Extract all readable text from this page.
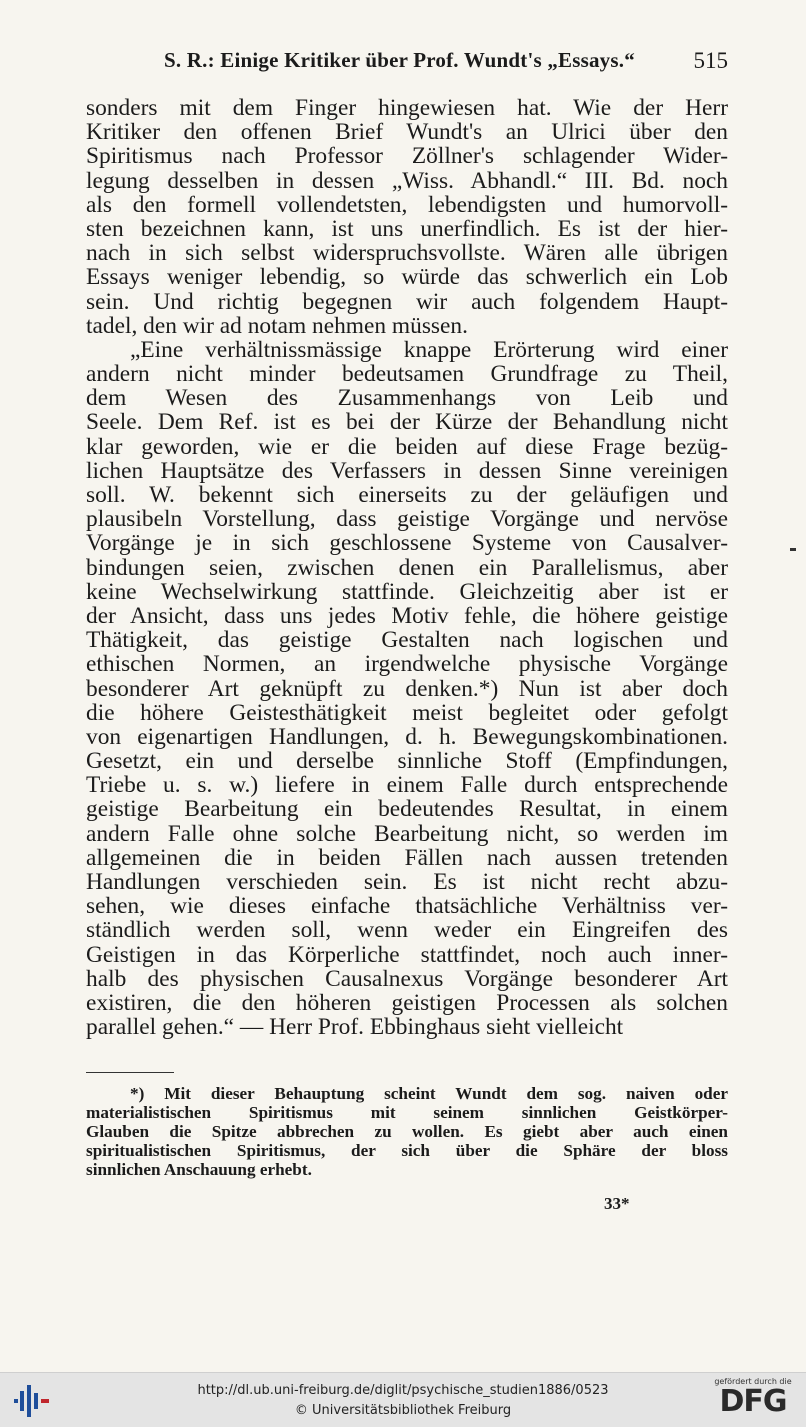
S. R.: Einige Kritiker über Prof. Wundt's „Essays.“	515
sonders mit dem Finger hingewiesen hat. Wie der Herr
Kritiker den offenen Brief Wundt's an Ulrici über den
Spiritismus nach Professor Zöllner's schlagender Wider-
legung desselben in dessen „Wiss. Abhandl.“ III. Bd. noch
als den formell vollendetsten, lebendigsten und humorvoll-
sten bezeichnen kann, ist uns unerfindlich. Es ist der hier-
nach in sich selbst widerspruchsvollste. Wären alle übrigen
Essays weniger lebendig, so würde das schwerlich ein Lob
sein. Und richtig begegnen wir auch folgendem Haupt-
tadel, den wir ad notam nehmen müssen.
„Eine verhältnissmässige knappe Erörterung wird einer
andern nicht minder bedeutsamen Grundfrage zu Theil,
dem Wesen des Zusammenhangs von Leib und
Seele. Dem Ref. ist es bei der Kürze der Behandlung nicht
klar geworden, wie er die beiden auf diese Frage bezüg-
lichen Hauptsätze des Verfassers in dessen Sinne vereinigen
soll. W. bekennt sich einerseits zu der geläufigen und
plausibeln Vorstellung, dass geistige Vorgänge und nervöse
Vorgänge je in sich geschlossene Systeme von Causalver-
bindungen seien, zwischen denen ein Parallelismus, aber
keine Wechselwirkung stattfinde. Gleichzeitig aber ist er
der Ansicht, dass uns jedes Motiv fehle, die höhere geistige
Thätigkeit, das geistige Gestalten nach logischen und
ethischen Normen, an irgendwelche physische Vorgänge
besonderer Art geknüpft zu denken.*) Nun ist aber doch
die höhere Geistesthätigkeit meist begleitet oder gefolgt
von eigenartigen Handlungen, d. h. Bewegungskombinationen.
Gesetzt, ein und derselbe sinnliche Stoff (Empfindungen,
Triebe u. s. w.) liefere in einem Falle durch entsprechende
geistige Bearbeitung ein bedeutendes Resultat, in einem
andern Falle ohne solche Bearbeitung nicht, so werden im
allgemeinen die in beiden Fällen nach aussen tretenden
Handlungen verschieden sein. Es ist nicht recht abzu-
sehen, wie dieses einfache thatsächliche Verhältniss ver-
ständlich werden soll, wenn weder ein Eingreifen des
Geistigen in das Körperliche stattfindet, noch auch inner-
halb des physischen Causalnexus Vorgänge besonderer Art
existiren, die den höheren geistigen Processen als solchen
parallel gehen.“ — Herr Prof. Ebbinghaus sieht vielleicht
*) Mit dieser Behauptung scheint Wundt dem sog. naiven oder
materialistischen Spiritismus mit seinem sinnlichen Geistkörper-
Glauben die Spitze abbrechen zu wollen. Es giebt aber auch einen
spiritualistischen Spiritismus, der sich über die Sphäre der bloss
sinnlichen Anschauung erhebt.
33*
http://dl.ub.uni-freiburg.de/diglit/psychische_studien1886/0523
© Universitätsbibliothek Freiburg
gefördert durch die
DFG
